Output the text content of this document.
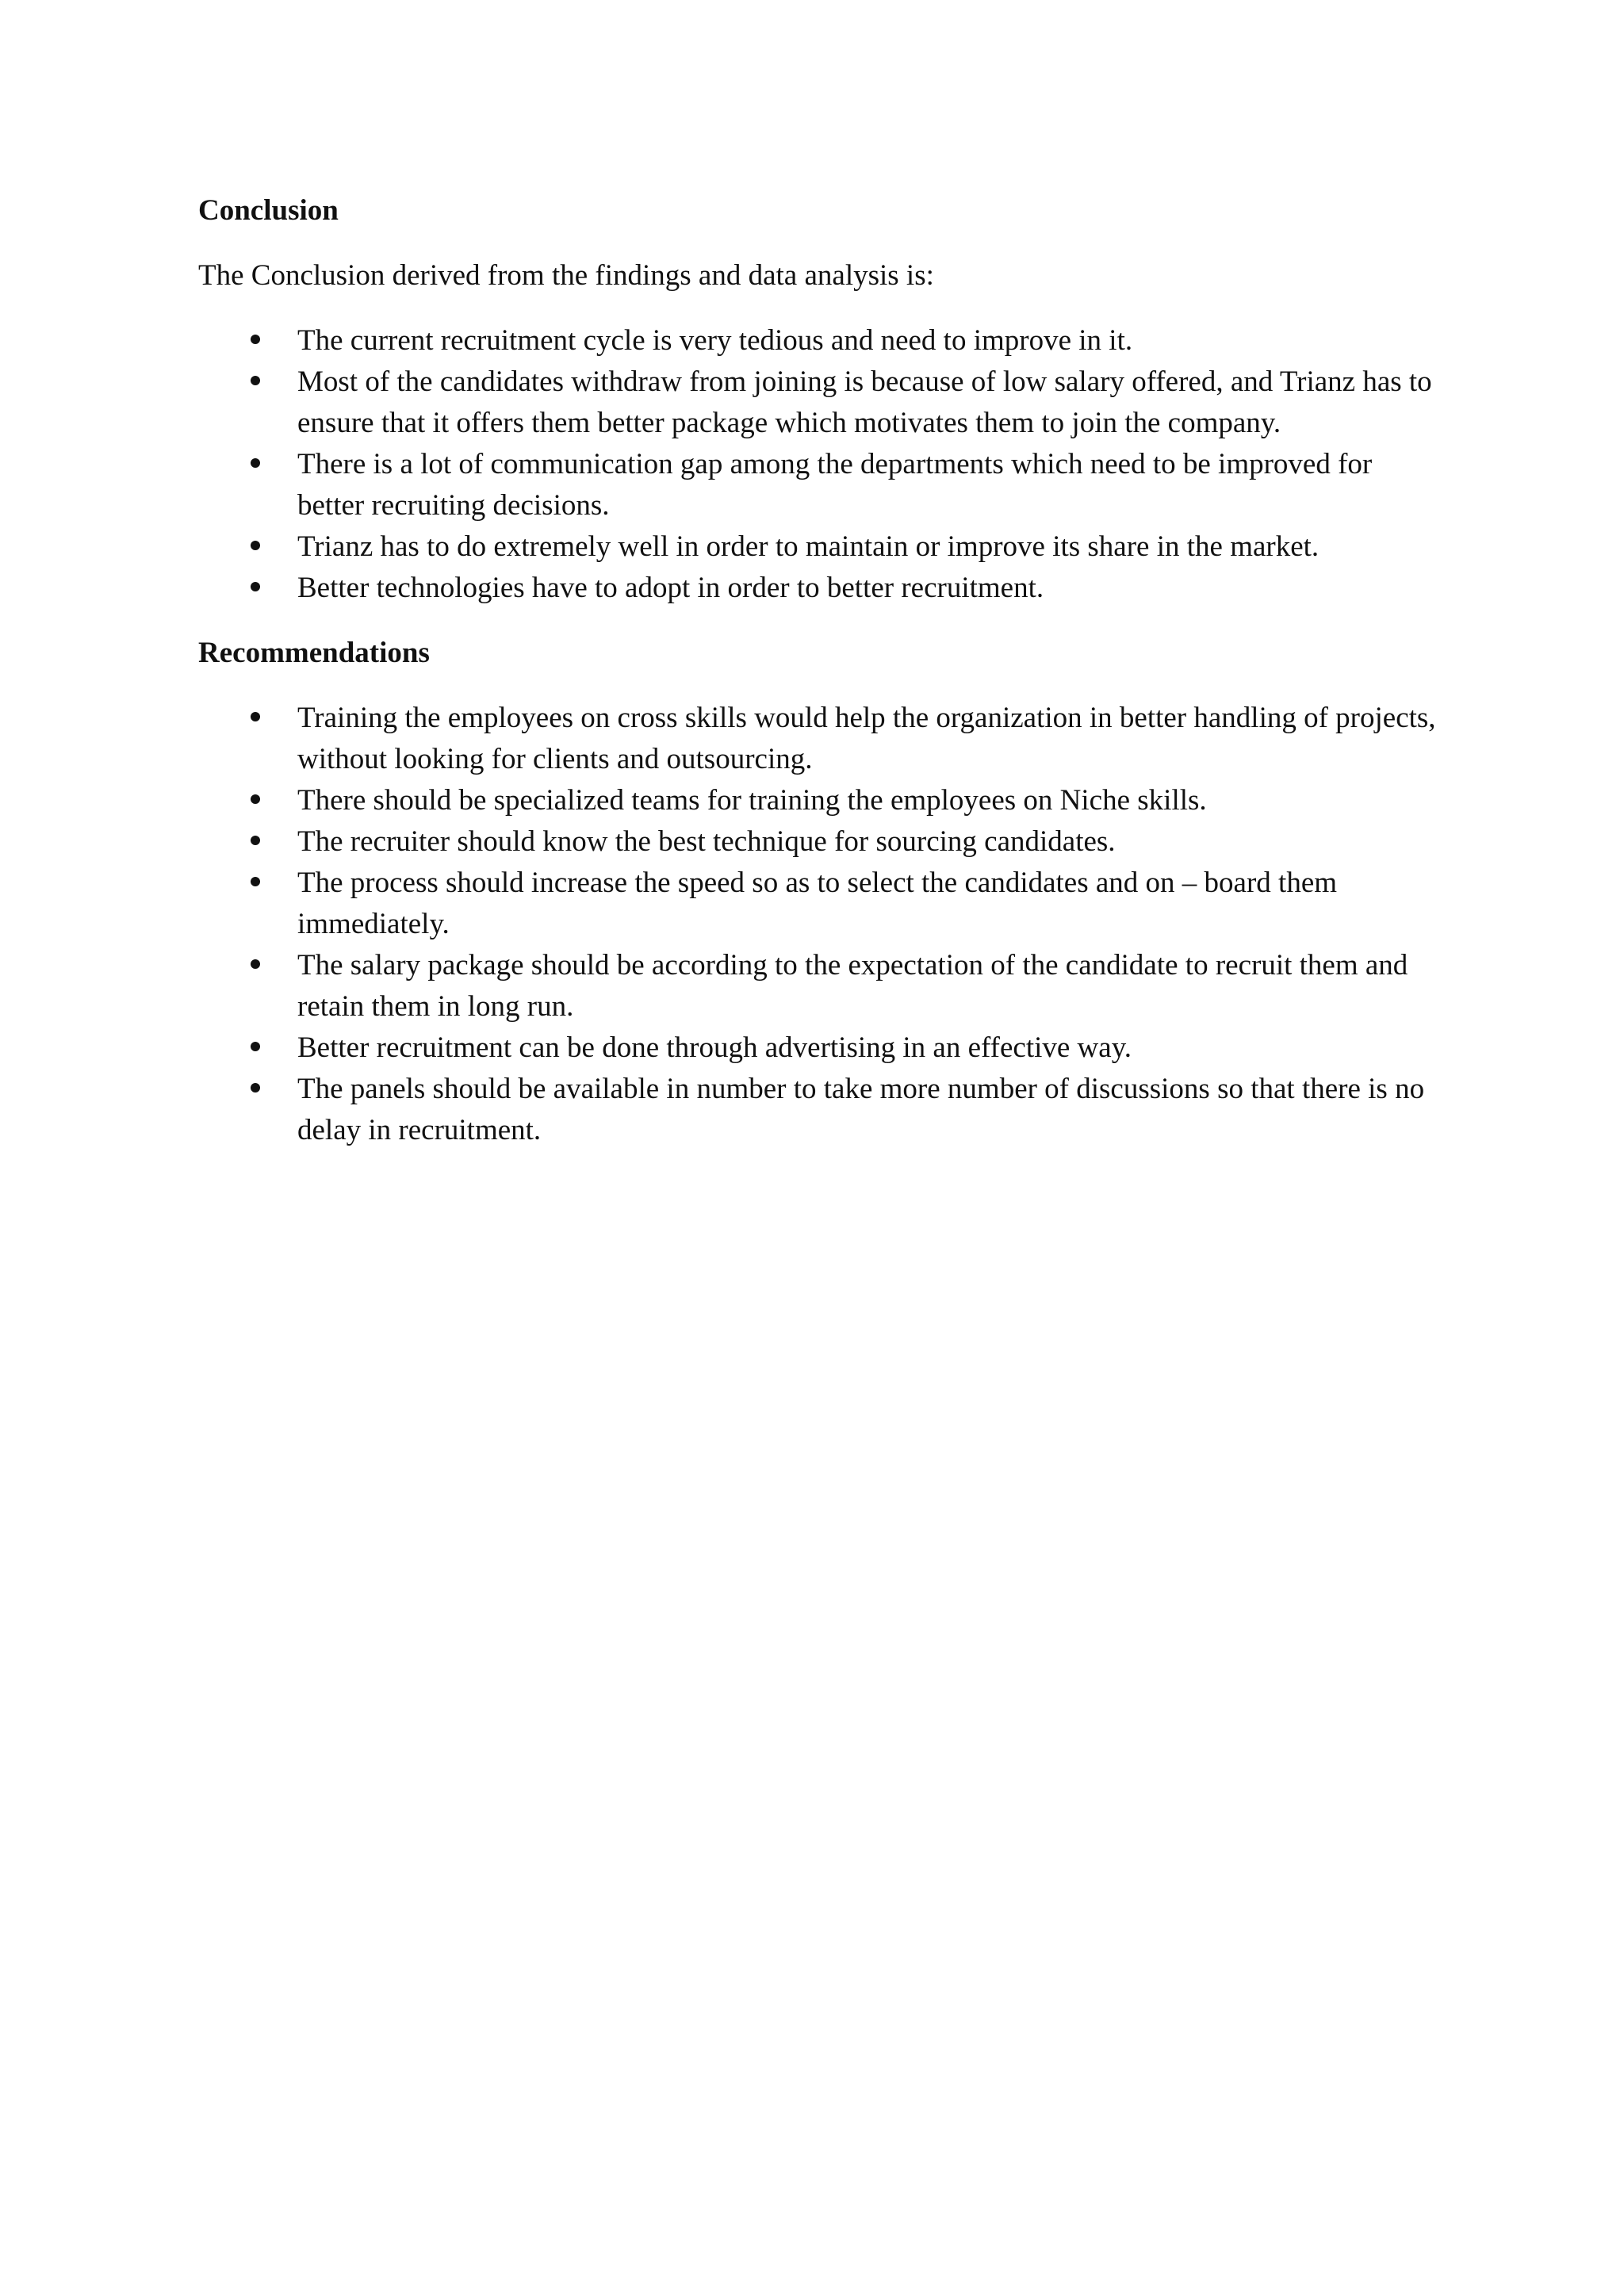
Conclusion

The Conclusion derived from the findings and data analysis is:

The current recruitment cycle is very tedious and need to improve in it.
Most of the candidates withdraw from joining is because of low salary offered, and Trianz has to ensure that it offers them better package which motivates them to join the company.
There is a lot of communication gap among the departments which need to be improved for better recruiting decisions.
Trianz has to do extremely well in order to maintain or improve its share in the market.
Better technologies have to adopt in order to better recruitment.
Recommendations
Training the employees on cross skills would help the organization in better handling of projects, without looking for clients and outsourcing.
There should be specialized teams for training the employees on Niche skills.
The recruiter should know the best technique for sourcing candidates.
The process should increase the speed so as to select the candidates and on – board them immediately.
The salary package should be according to the expectation of the candidate to recruit them and retain them in long run.
Better recruitment can be done through advertising in an effective way.
The panels should be available in number to take more number of discussions so that there is no delay in recruitment.
